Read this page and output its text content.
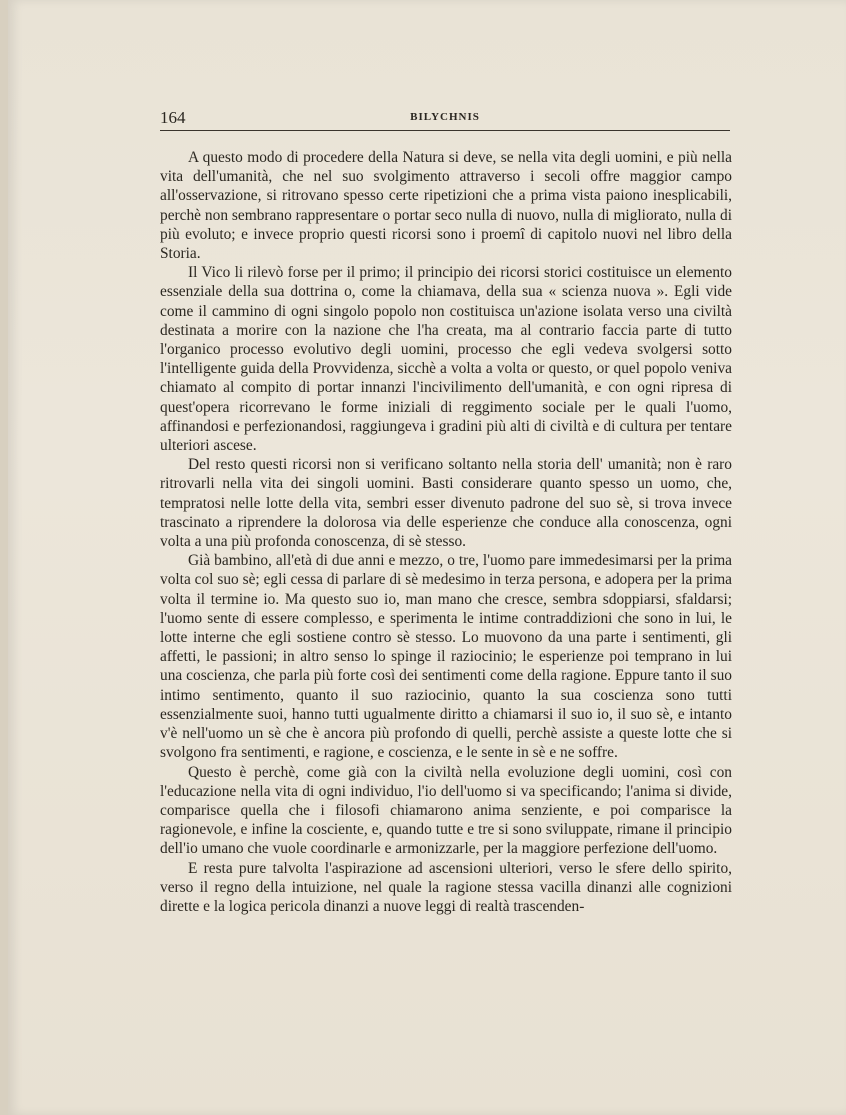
164	BILYCHNIS

A questo modo di procedere della Natura si deve, se nella vita degli uomini, e più nella vita dell'umanità, che nel suo svolgimento attraverso i secoli offre maggior campo all'osservazione, si ritrovano spesso certe ripetizioni che a prima vista paiono inesplicabili, perchè non sembrano rappresentare o portar seco nulla di nuovo, nulla di migliorato, nulla di più evoluto; e invece proprio questi ricorsi sono i proemî di capitolo nuovi nel libro della Storia.

Il Vico li rilevò forse per il primo; il principio dei ricorsi storici costituisce un elemento essenziale della sua dottrina o, come la chiamava, della sua « scienza nuova ». Egli vide come il cammino di ogni singolo popolo non costituisca un'azione isolata verso una civiltà destinata a morire con la nazione che l'ha creata, ma al contrario faccia parte di tutto l'organico processo evolutivo degli uomini, processo che egli vedeva svolgersi sotto l'intelligente guida della Provvidenza, sicchè a volta a volta or questo, or quel popolo veniva chiamato al compito di portar innanzi l'incivilimento dell'umanità, e con ogni ripresa di quest'opera ricorrevano le forme iniziali di reggimento sociale per le quali l'uomo, affinandosi e perfezionandosi, raggiungeva i gradini più alti di civiltà e di cultura per tentare ulteriori ascese.

Del resto questi ricorsi non si verificano soltanto nella storia dell' umanità; non è raro ritrovarli nella vita dei singoli uomini. Basti considerare quanto spesso un uomo, che, tempratosi nelle lotte della vita, sembri esser divenuto padrone del suo sè, si trova invece trascinato a riprendere la dolorosa via delle esperienze che conduce alla conoscenza, ogni volta a una più profonda conoscenza, di sè stesso.

Già bambino, all'età di due anni e mezzo, o tre, l'uomo pare immedesimarsi per la prima volta col suo sè; egli cessa di parlare di sè medesimo in terza persona, e adopera per la prima volta il termine io. Ma questo suo io, man mano che cresce, sembra sdoppiarsi, sfaldarsi; l'uomo sente di essere complesso, e sperimenta le intime contraddizioni che sono in lui, le lotte interne che egli sostiene contro sè stesso. Lo muovono da una parte i sentimenti, gli affetti, le passioni; in altro senso lo spinge il raziocinio; le esperienze poi temprano in lui una coscienza, che parla più forte così dei sentimenti come della ragione. Eppure tanto il suo intimo sentimento, quanto il suo raziocinio, quanto la sua coscienza sono tutti essenzialmente suoi, hanno tutti ugualmente diritto a chiamarsi il suo io, il suo sè, e intanto v'è nell'uomo un sè che è ancora più profondo di quelli, perchè assiste a queste lotte che si svolgono fra sentimenti, e ragione, e coscienza, e le sente in sè e ne soffre.

Questo è perchè, come già con la civiltà nella evoluzione degli uomini, così con l'educazione nella vita di ogni individuo, l'io dell'uomo si va specificando; l'anima si divide, comparisce quella che i filosofi chiamarono anima senziente, e poi comparisce la ragionevole, e infine la cosciente, e, quando tutte e tre si sono sviluppate, rimane il principio dell'io umano che vuole coordinarle e armonizzarle, per la maggiore perfezione dell'uomo.

E resta pure talvolta l'aspirazione ad ascensioni ulteriori, verso le sfere dello spirito, verso il regno della intuizione, nel quale la ragione stessa vacilla dinanzi alle cognizioni dirette e la logica pericola dinanzi a nuove leggi di realtà trascenden-
